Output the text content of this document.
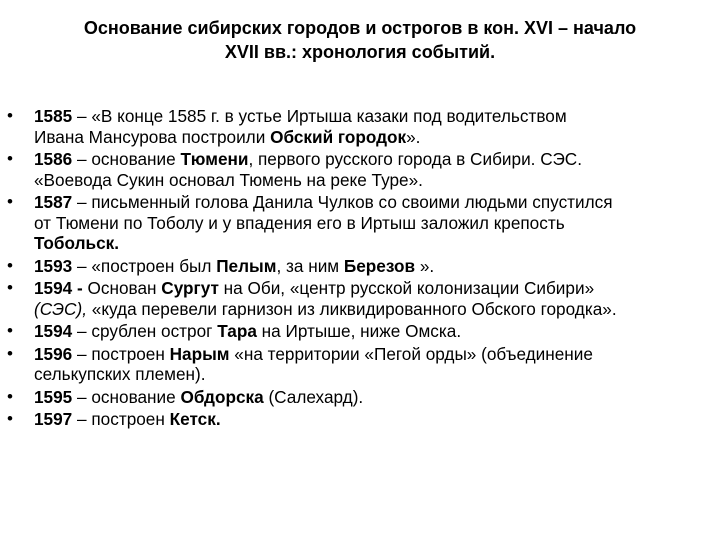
Основание сибирских городов и острогов в кон. XVI – начало
XVII вв.: хронология событий.
• 1585 – «В конце 1585 г. в устье Иртыша казаки под водительством
Ивана Мансурова построили Обский городок».
• 1586 – основание Тюмени, первого русского города в Сибири. СЭС.
«Воевода Сукин основал Тюмень на реке Туре».
• 1587 – письменный голова Данила Чулков со своими людьми спустился
от Тюмени по Тоболу и у впадения его в Иртыш заложил крепость
Тобольск.
• 1593 – «построен был Пелым, за ним Березов ».
• 1594 - Основан Сургут на Оби, «центр русской колонизации Сибири»
(СЭС), «куда перевели гарнизон из ликвидированного Обского городка».
• 1594 – срублен острог Тара на Иртыше, ниже Омска.
• 1596 – построен Нарым «на территории «Пегой орды» (объединение
селькупских племен).
• 1595 – основание Обдорска (Салехард).
• 1597 – построен Кетск.
